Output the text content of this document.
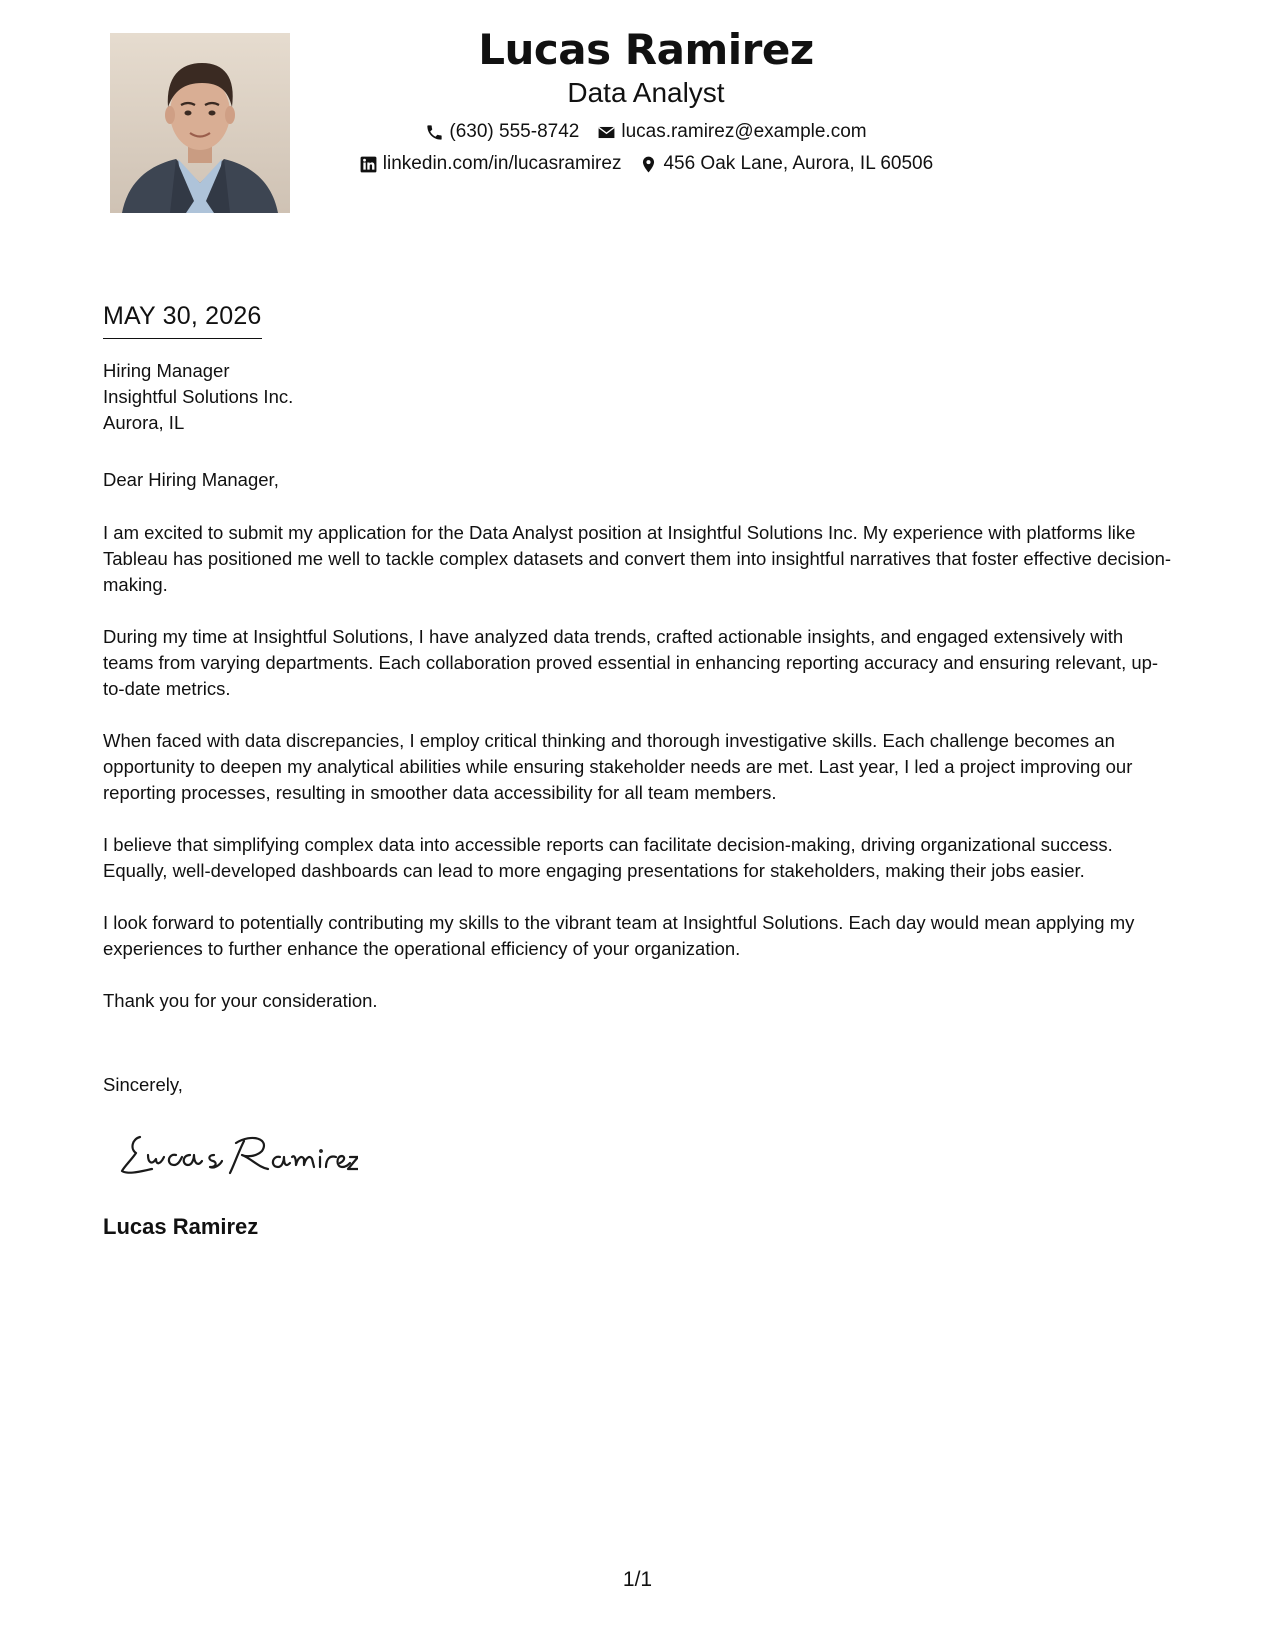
Lucas Ramirez
Data Analyst
(630) 555-8742 lucas.ramirez@example.com
linkedin.com/in/lucasramirez 456 Oak Lane, Aurora, IL 60506
MAY 30, 2026
Hiring Manager
Insightful Solutions Inc.
Aurora, IL
Dear Hiring Manager,

I am excited to submit my application for the Data Analyst position at Insightful Solutions Inc. My experience with platforms like Tableau has positioned me well to tackle complex datasets and convert them into insightful narratives that foster effective decision-making.

During my time at Insightful Solutions, I have analyzed data trends, crafted actionable insights, and engaged extensively with teams from varying departments. Each collaboration proved essential in enhancing reporting accuracy and ensuring relevant, up-to-date metrics.

When faced with data discrepancies, I employ critical thinking and thorough investigative skills. Each challenge becomes an opportunity to deepen my analytical abilities while ensuring stakeholder needs are met. Last year, I led a project improving our reporting processes, resulting in smoother data accessibility for all team members.

I believe that simplifying complex data into accessible reports can facilitate decision-making, driving organizational success. Equally, well-developed dashboards can lead to more engaging presentations for stakeholders, making their jobs easier.

I look forward to potentially contributing my skills to the vibrant team at Insightful Solutions. Each day would mean applying my experiences to further enhance the operational efficiency of your organization.

Thank you for your consideration.

Sincerely,
Lucas Ramirez
1/1
